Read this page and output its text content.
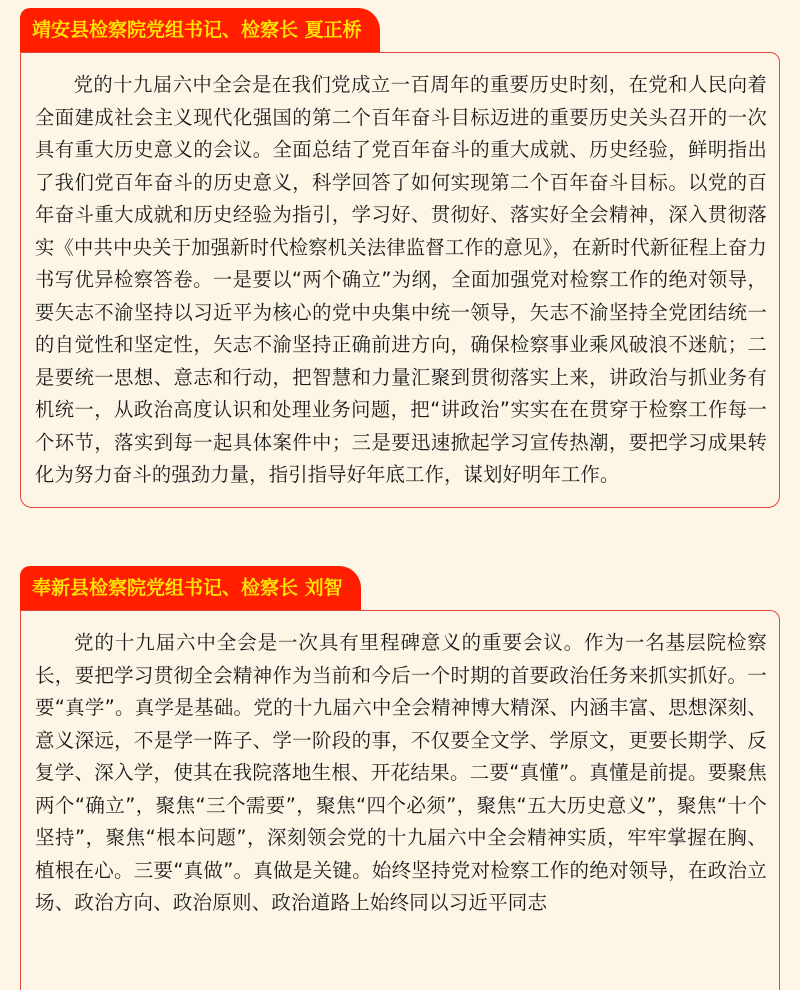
靖安县检察院党组书记、检察长 夏正桥

党的十九届六中全会是在我们党成立一百周年的重要历史时刻，在党和人民向着全面建成社会主义现代化强国的第二个百年奋斗目标迈进的重要历史关头召开的一次具有重大历史意义的会议。全面总结了党百年奋斗的重大成就、历史经验，鲜明指出了我们党百年奋斗的历史意义，科学回答了如何实现第二个百年奋斗目标。以党的百年奋斗重大成就和历史经验为指引，学习好、贯彻好、落实好全会精神，深入贯彻落实《中共中央关于加强新时代检察机关法律监督工作的意见》，在新时代新征程上奋力书写优异检察答卷。一是要以“两个确立”为纲，全面加强党对检察工作的绝对领导，要矢志不渝坚持以习近平为核心的党中央集中统一领导，矢志不渝坚持全党团结统一的自觉性和坚定性，矢志不渝坚持正确前进方向，确保检察事业乘风破浪不迷航；二是要统一思想、意志和行动，把智慧和力量汇聚到贯彻落实上来，讲政治与抓业务有机统一，从政治高度认识和处理业务问题，把“讲政治”实实在在贯穿于检察工作每一个环节，落实到每一起具体案件中；三是要迅速掀起学习宣传热潮，要把学习成果转化为努力奋斗的强劲力量，指引指导好年底工作，谋划好明年工作。

奉新县检察院党组书记、检察长 刘智

党的十九届六中全会是一次具有里程碑意义的重要会议。作为一名基层院检察长，要把学习贯彻全会精神作为当前和今后一个时期的首要政治任务来抓实抓好。一要“真学”。真学是基础。党的十九届六中全会精神博大精深、内涵丰富、思想深刻、意义深远，不是学一阵子、学一阶段的事，不仅要全文学、学原文，更要长期学、反复学、深入学，使其在我院落地生根、开花结果。二要“真懂”。真懂是前提。要聚焦两个“确立”，聚焦“三个需要”，聚焦“四个必须”，聚焦“五大历史意义”，聚焦“十个坚持”，聚焦“根本问题”，深刻领会党的十九届六中全会精神实质，牢牢掌握在胸、植根在心。三要“真做”。真做是关键。始终坚持党对检察工作的绝对领导，在政治立场、政治方向、政治原则、政治道路上始终同以习近平同志
